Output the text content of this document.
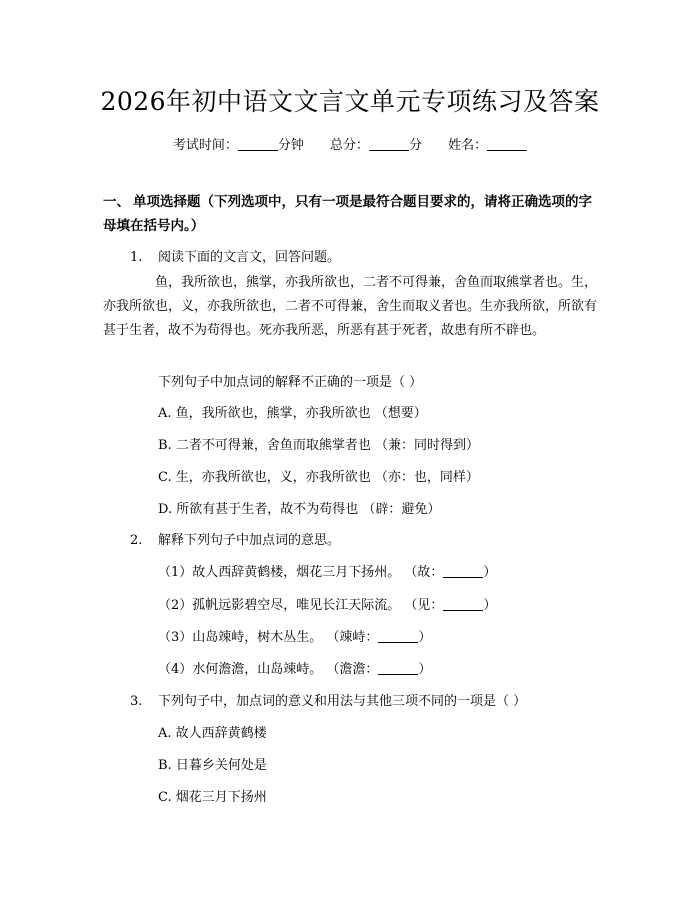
2026年初中语文文言文单元专项练习及答案
考试时间：	分钟 总分：	分 姓名：
一、 单项选择题（下列选项中，只有一项是最符合题目要求的，请将正确选项的字母填在括号内。）
1. 阅读下面的文言文，回答问题。
鱼，我所欲也，熊掌，亦我所欲也，二者不可得兼，舍鱼而取熊掌者也。生，亦我所欲也，义，亦我所欲也，二者不可得兼，舍生而取义者也。生亦我所欲，所欲有甚于生者，故不为苟得也。死亦我所恶，所恶有甚于死者，故患有所不辟也。
下列句子中加点词的解释不正确的一项是（ ）
A. 鱼，我所欲也，熊掌，亦我所欲也 （想要）
B. 二者不可得兼，舍鱼而取熊掌者也 （兼：同时得到）
C. 生，亦我所欲也，义，亦我所欲也 （亦：也，同样）
D. 所欲有甚于生者，故不为苟得也 （辟：避免）
2. 解释下列句子中加点词的意思。
（1）故人西辞黄鹤楼，烟花三月下扬州。 （故：	）
（2）孤帆远影碧空尽，唯见长江天际流。 （见：	）
（3）山岛竦峙，树木丛生。 （竦峙：	）
（4）水何澹澹，山岛竦峙。 （澹澹：	）
3. 下列句子中，加点词的意义和用法与其他三项不同的一项是（ ）
A. 故人西辞黄鹤楼
B. 日暮乡关何处是
C. 烟花三月下扬州
